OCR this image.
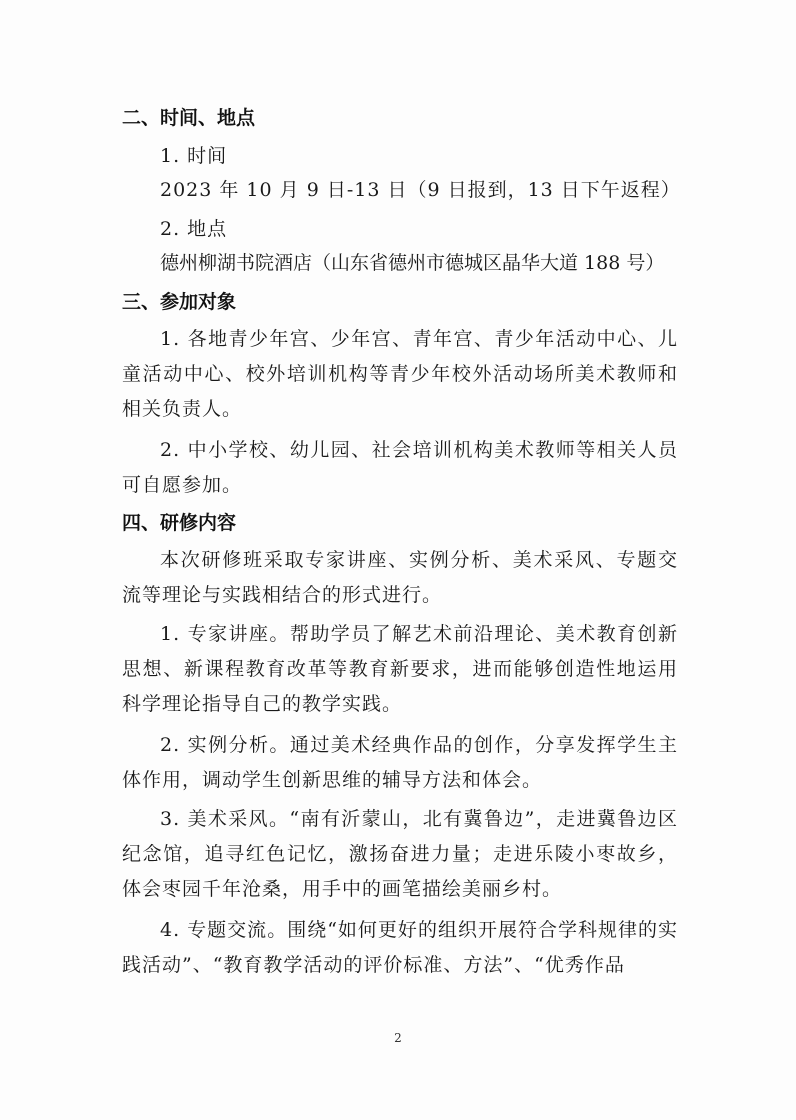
二、时间、地点
1. 时间
2023 年 10 月 9 日-13 日（9 日报到，13 日下午返程）
2. 地点
德州柳湖书院酒店（山东省德州市德城区晶华大道 188 号）
三、参加对象
1. 各地青少年宫、少年宫、青年宫、青少年活动中心、儿童活动中心、校外培训机构等青少年校外活动场所美术教师和相关负责人。
2. 中小学校、幼儿园、社会培训机构美术教师等相关人员可自愿参加。
四、研修内容
本次研修班采取专家讲座、实例分析、美术采风、专题交流等理论与实践相结合的形式进行。
1. 专家讲座。帮助学员了解艺术前沿理论、美术教育创新思想、新课程教育改革等教育新要求，进而能够创造性地运用科学理论指导自己的教学实践。
2. 实例分析。通过美术经典作品的创作，分享发挥学生主体作用，调动学生创新思维的辅导方法和体会。
3. 美术采风。“南有沂蒙山，北有冀鲁边”，走进冀鲁边区纪念馆，追寻红色记忆，激扬奋进力量；走进乐陵小枣故乡，体会枣园千年沧桑，用手中的画笔描绘美丽乡村。
4. 专题交流。围绕“如何更好的组织开展符合学科规律的实践活动”、“教育教学活动的评价标准、方法”、“优秀作品
2
